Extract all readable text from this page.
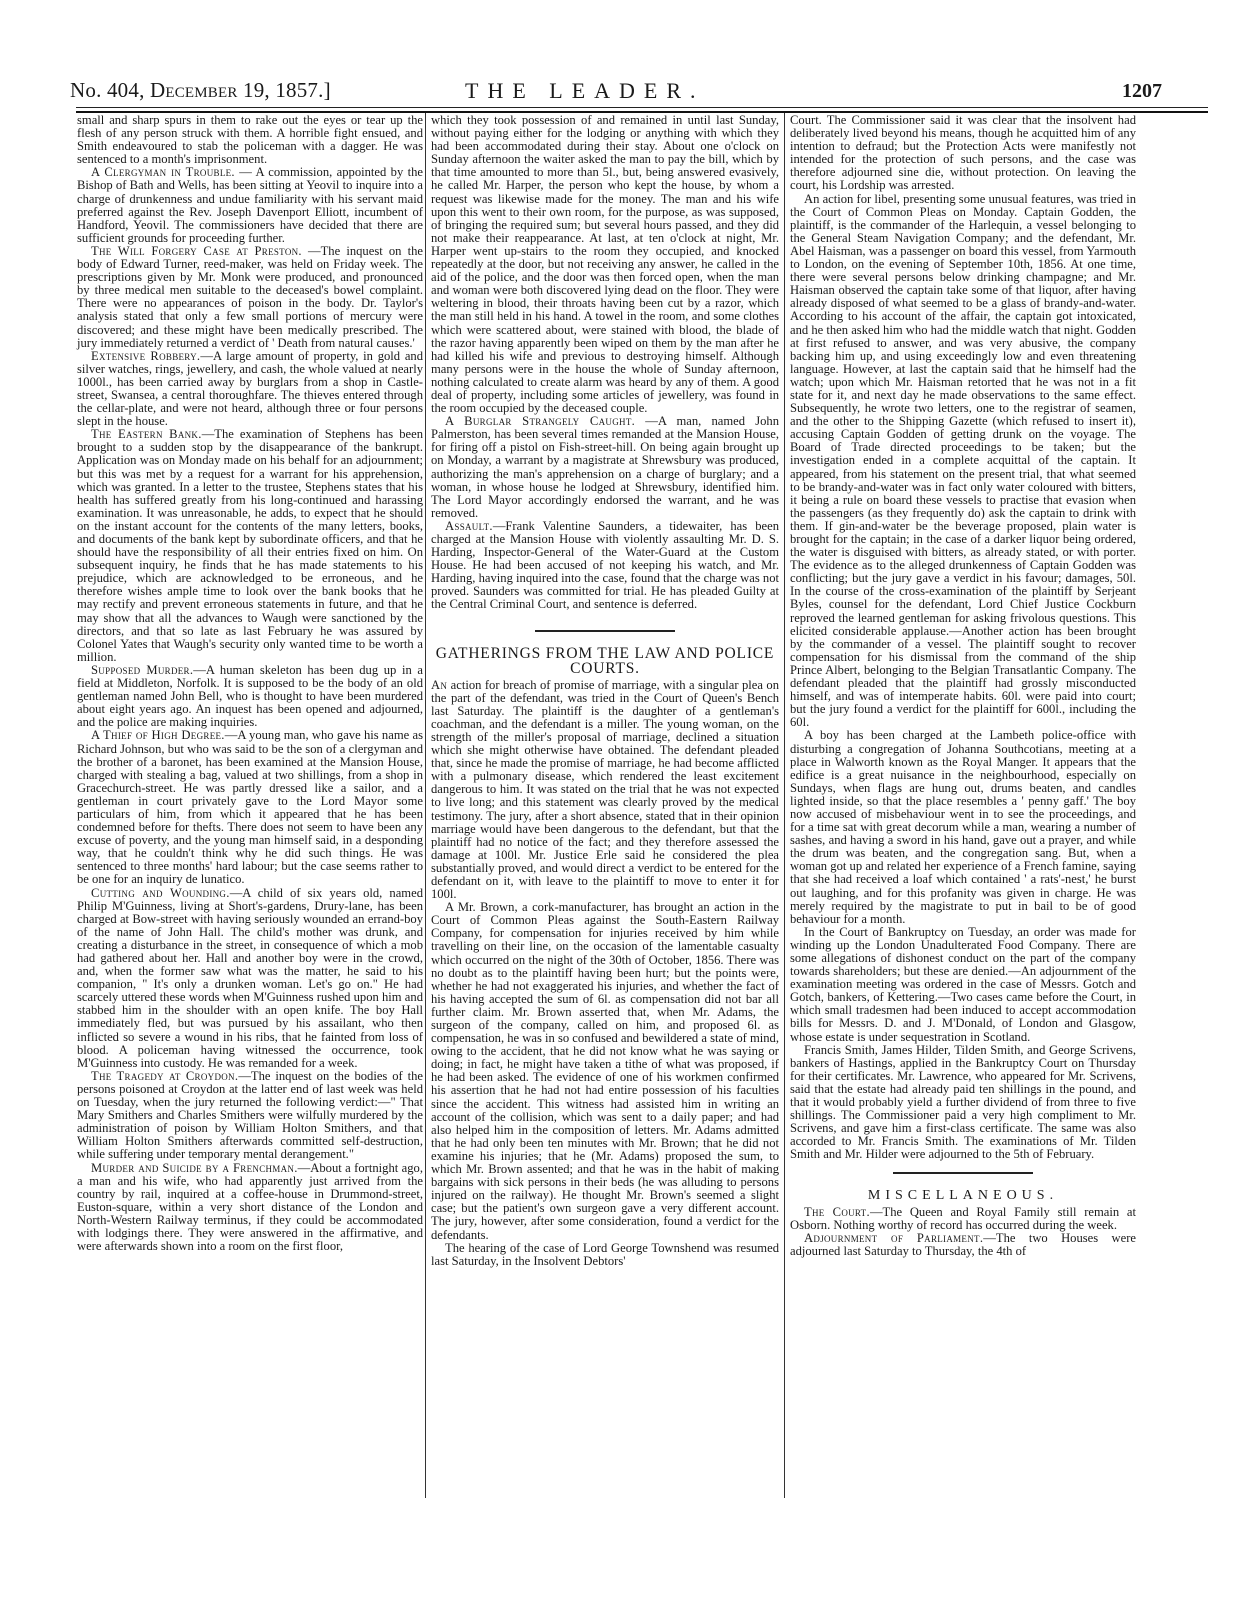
No. 404, December 19, 1857.]	THE LEADER.	1207

small and sharp spurs in them to rake out the eyes or tear up the flesh of any person struck with them. A horrible fight ensued, and Smith endeavoured to stab the policeman with a dagger. He was sentenced to a month's imprisonment.

A Clergyman in Trouble. — A commission, appointed by the Bishop of Bath and Wells, has been sitting at Yeovil to inquire into a charge of drunkenness and undue familiarity with his servant maid preferred against the Rev. Joseph Davenport Elliott, incumbent of Handford, Yeovil. The commissioners have decided that there are sufficient grounds for proceeding further.

The Will Forgery Case at Preston. —The inquest on the body of Edward Turner, reed-maker, was held on Friday week. The prescriptions given by Mr. Monk were produced, and pronounced by three medical men suitable to the deceased's bowel complaint. There were no appearances of poison in the body. Dr. Taylor's analysis stated that only a few small portions of mercury were discovered; and these might have been medically prescribed. The jury immediately returned a verdict of ' Death from natural causes.'

Extensive Robbery.—A large amount of property, in gold and silver watches, rings, jewellery, and cash, the whole valued at nearly 1000l., has been carried away by burglars from a shop in Castle-street, Swansea, a central thoroughfare. The thieves entered through the cellar-plate, and were not heard, although three or four persons slept in the house.

The Eastern Bank.—The examination of Stephens has been brought to a sudden stop by the disappearance of the bankrupt. Application was on Monday made on his behalf for an adjournment; but this was met by a request for a warrant for his apprehension, which was granted. In a letter to the trustee, Stephens states that his health has suffered greatly from his long-continued and harassing examination. It was unreasonable, he adds, to expect that he should on the instant account for the contents of the many letters, books, and documents of the bank kept by subordinate officers, and that he should have the responsibility of all their entries fixed on him. On subsequent inquiry, he finds that he has made statements to his prejudice, which are acknowledged to be erroneous, and he therefore wishes ample time to look over the bank books that he may rectify and prevent erroneous statements in future, and that he may show that all the advances to Waugh were sanctioned by the directors, and that so late as last February he was assured by Colonel Yates that Waugh's security only wanted time to be worth a million.

Supposed Murder.—A human skeleton has been dug up in a field at Middleton, Norfolk. It is supposed to be the body of an old gentleman named John Bell, who is thought to have been murdered about eight years ago. An inquest has been opened and adjourned, and the police are making inquiries.

A Thief of High Degree.—A young man, who gave his name as Richard Johnson, but who was said to be the son of a clergyman and the brother of a baronet, has been examined at the Mansion House, charged with stealing a bag, valued at two shillings, from a shop in Gracechurch-street. He was partly dressed like a sailor, and a gentleman in court privately gave to the Lord Mayor some particulars of him, from which it appeared that he has been condemned before for thefts. There does not seem to have been any excuse of poverty, and the young man himself said, in a desponding way, that he couldn't think why he did such things. He was sentenced to three months' hard labour; but the case seems rather to be one for an inquiry de lunatico.

Cutting and Wounding.—A child of six years old, named Philip M'Guinness, living at Short's-gardens, Drury-lane, has been charged at Bow-street with having seriously wounded an errand-boy of the name of John Hall. The child's mother was drunk, and creating a disturbance in the street, in consequence of which a mob had gathered about her. Hall and another boy were in the crowd, and, when the former saw what was the matter, he said to his companion, " It's only a drunken woman. Let's go on." He had scarcely uttered these words when M'Guinness rushed upon him and stabbed him in the shoulder with an open knife. The boy Hall immediately fled, but was pursued by his assailant, who then inflicted so severe a wound in his ribs, that he fainted from loss of blood. A policeman having witnessed the occurrence, took M'Guinness into custody. He was remanded for a week.

The Tragedy at Croydon.—The inquest on the bodies of the persons poisoned at Croydon at the latter end of last week was held on Tuesday, when the jury returned the following verdict:—" That Mary Smithers and Charles Smithers were wilfully murdered by the administration of poison by William Holton Smithers, and that William Holton Smithers afterwards committed self-destruction, while suffering under temporary mental derangement."

Murder and Suicide by a Frenchman.—About a fortnight ago, a man and his wife, who had apparently just arrived from the country by rail, inquired at a coffee-house in Drummond-street, Euston-square, within a very short distance of the London and North-Western Railway terminus, if they could be accommodated with lodgings there. They were answered in the affirmative, and were afterwards shown into a room on the first floor,

which they took possession of and remained in until last Sunday, without paying either for the lodging or anything with which they had been accommodated during their stay. About one o'clock on Sunday afternoon the waiter asked the man to pay the bill, which by that time amounted to more than 5l., but, being answered evasively, he called Mr. Harper, the person who kept the house, by whom a request was likewise made for the money. The man and his wife upon this went to their own room, for the purpose, as was supposed, of bringing the required sum; but several hours passed, and they did not make their reappearance. At last, at ten o'clock at night, Mr. Harper went up-stairs to the room they occupied, and knocked repeatedly at the door, but not receiving any answer, he called in the aid of the police, and the door was then forced open, when the man and woman were both discovered lying dead on the floor. They were weltering in blood, their throats having been cut by a razor, which the man still held in his hand. A towel in the room, and some clothes which were scattered about, were stained with blood, the blade of the razor having apparently been wiped on them by the man after he had killed his wife and previous to destroying himself. Although many persons were in the house the whole of Sunday afternoon, nothing calculated to create alarm was heard by any of them. A good deal of property, including some articles of jewellery, was found in the room occupied by the deceased couple.

A Burglar Strangely Caught. —A man, named John Palmerston, has been several times remanded at the Mansion House, for firing off a pistol on Fish-street-hill. On being again brought up on Monday, a warrant by a magistrate at Shrewsbury was produced, authorizing the man's apprehension on a charge of burglary; and a woman, in whose house he lodged at Shrewsbury, identified him. The Lord Mayor accordingly endorsed the warrant, and he was removed.

Assault.—Frank Valentine Saunders, a tidewaiter, has been charged at the Mansion House with violently assaulting Mr. D. S. Harding, Inspector-General of the Water-Guard at the Custom House. He had been accused of not keeping his watch, and Mr. Harding, having inquired into the case, found that the charge was not proved. Saunders was committed for trial. He has pleaded Guilty at the Central Criminal Court, and sentence is deferred.

GATHERINGS FROM THE LAW AND POLICE COURTS.

An action for breach of promise of marriage, with a singular plea on the part of the defendant, was tried in the Court of Queen's Bench last Saturday. The plaintiff is the daughter of a gentleman's coachman, and the defendant is a miller. The young woman, on the strength of the miller's proposal of marriage, declined a situation which she might otherwise have obtained. The defendant pleaded that, since he made the promise of marriage, he had become afflicted with a pulmonary disease, which rendered the least excitement dangerous to him. It was stated on the trial that he was not expected to live long; and this statement was clearly proved by the medical testimony. The jury, after a short absence, stated that in their opinion marriage would have been dangerous to the defendant, but that the plaintiff had no notice of the fact; and they therefore assessed the damage at 100l. Mr. Justice Erle said he considered the plea substantially proved, and would direct a verdict to be entered for the defendant on it, with leave to the plaintiff to move to enter it for 100l.

A Mr. Brown, a cork-manufacturer, has brought an action in the Court of Common Pleas against the South-Eastern Railway Company, for compensation for injuries received by him while travelling on their line, on the occasion of the lamentable casualty which occurred on the night of the 30th of October, 1856. There was no doubt as to the plaintiff having been hurt; but the points were, whether he had not exaggerated his injuries, and whether the fact of his having accepted the sum of 6l. as compensation did not bar all further claim. Mr. Brown asserted that, when Mr. Adams, the surgeon of the company, called on him, and proposed 6l. as compensation, he was in so confused and bewildered a state of mind, owing to the accident, that he did not know what he was saying or doing; in fact, he might have taken a tithe of what was proposed, if he had been asked. The evidence of one of his workmen confirmed his assertion that he had not had entire possession of his faculties since the accident. This witness had assisted him in writing an account of the collision, which was sent to a daily paper; and had also helped him in the composition of letters. Mr. Adams admitted that he had only been ten minutes with Mr. Brown; that he did not examine his injuries; that he (Mr. Adams) proposed the sum, to which Mr. Brown assented; and that he was in the habit of making bargains with sick persons in their beds (he was alluding to persons injured on the railway). He thought Mr. Brown's seemed a slight case; but the patient's own surgeon gave a very different account. The jury, however, after some consideration, found a verdict for the defendants.

The hearing of the case of Lord George Townshend was resumed last Saturday, in the Insolvent Debtors'

Court. The Commissioner said it was clear that the insolvent had deliberately lived beyond his means, though he acquitted him of any intention to defraud; but the Protection Acts were manifestly not intended for the protection of such persons, and the case was therefore adjourned sine die, without protection. On leaving the court, his Lordship was arrested.

An action for libel, presenting some unusual features, was tried in the Court of Common Pleas on Monday. Captain Godden, the plaintiff, is the commander of the Harlequin, a vessel belonging to the General Steam Navigation Company; and the defendant, Mr. Abel Haisman, was a passenger on board this vessel, from Yarmouth to London, on the evening of September 10th, 1856. At one time, there were several persons below drinking champagne; and Mr. Haisman observed the captain take some of that liquor, after having already disposed of what seemed to be a glass of brandy-and-water. According to his account of the affair, the captain got intoxicated, and he then asked him who had the middle watch that night. Godden at first refused to answer, and was very abusive, the company backing him up, and using exceedingly low and even threatening language. However, at last the captain said that he himself had the watch; upon which Mr. Haisman retorted that he was not in a fit state for it, and next day he made observations to the same effect. Subsequently, he wrote two letters, one to the registrar of seamen, and the other to the Shipping Gazette (which refused to insert it), accusing Captain Godden of getting drunk on the voyage. The Board of Trade directed proceedings to be taken; but the investigation ended in a complete acquittal of the captain. It appeared, from his statement on the present trial, that what seemed to be brandy-and-water was in fact only water coloured with bitters, it being a rule on board these vessels to practise that evasion when the passengers (as they frequently do) ask the captain to drink with them. If gin-and-water be the beverage proposed, plain water is brought for the captain; in the case of a darker liquor being ordered, the water is disguised with bitters, as already stated, or with porter. The evidence as to the alleged drunkenness of Captain Godden was conflicting; but the jury gave a verdict in his favour; damages, 50l. In the course of the cross-examination of the plaintiff by Serjeant Byles, counsel for the defendant, Lord Chief Justice Cockburn reproved the learned gentleman for asking frivolous questions. This elicited considerable applause.—Another action has been brought by the commander of a vessel. The plaintiff sought to recover compensation for his dismissal from the command of the ship Prince Albert, belonging to the Belgian Transatlantic Company. The defendant pleaded that the plaintiff had grossly misconducted himself, and was of intemperate habits. 60l. were paid into court; but the jury found a verdict for the plaintiff for 600l., including the 60l.

A boy has been charged at the Lambeth police-office with disturbing a congregation of Johanna Southcotians, meeting at a place in Walworth known as the Royal Manger. It appears that the edifice is a great nuisance in the neighbourhood, especially on Sundays, when flags are hung out, drums beaten, and candles lighted inside, so that the place resembles a ' penny gaff.' The boy now accused of misbehaviour went in to see the proceedings, and for a time sat with great decorum while a man, wearing a number of sashes, and having a sword in his hand, gave out a prayer, and while the drum was beaten, and the congregation sang. But, when a woman got up and related her experience of a French famine, saying that she had received a loaf which contained ' a rats'-nest,' he burst out laughing, and for this profanity was given in charge. He was merely required by the magistrate to put in bail to be of good behaviour for a month.

In the Court of Bankruptcy on Tuesday, an order was made for winding up the London Unadulterated Food Company. There are some allegations of dishonest conduct on the part of the company towards shareholders; but these are denied.—An adjournment of the examination meeting was ordered in the case of Messrs. Gotch and Gotch, bankers, of Kettering.—Two cases came before the Court, in which small tradesmen had been induced to accept accommodation bills for Messrs. D. and J. M'Donald, of London and Glasgow, whose estate is under sequestration in Scotland.

Francis Smith, James Hilder, Tilden Smith, and George Scrivens, bankers of Hastings, applied in the Bankruptcy Court on Thursday for their certificates. Mr. Lawrence, who appeared for Mr. Scrivens, said that the estate had already paid ten shillings in the pound, and that it would probably yield a further dividend of from three to five shillings. The Commissioner paid a very high compliment to Mr. Scrivens, and gave him a first-class certificate. The same was also accorded to Mr. Francis Smith. The examinations of Mr. Tilden Smith and Mr. Hilder were adjourned to the 5th of February.

MISCELLANEOUS.

The Court.—The Queen and Royal Family still remain at Osborn. Nothing worthy of record has occurred during the week.

Adjournment of Parliament.—The two Houses were adjourned last Saturday to Thursday, the 4th of
